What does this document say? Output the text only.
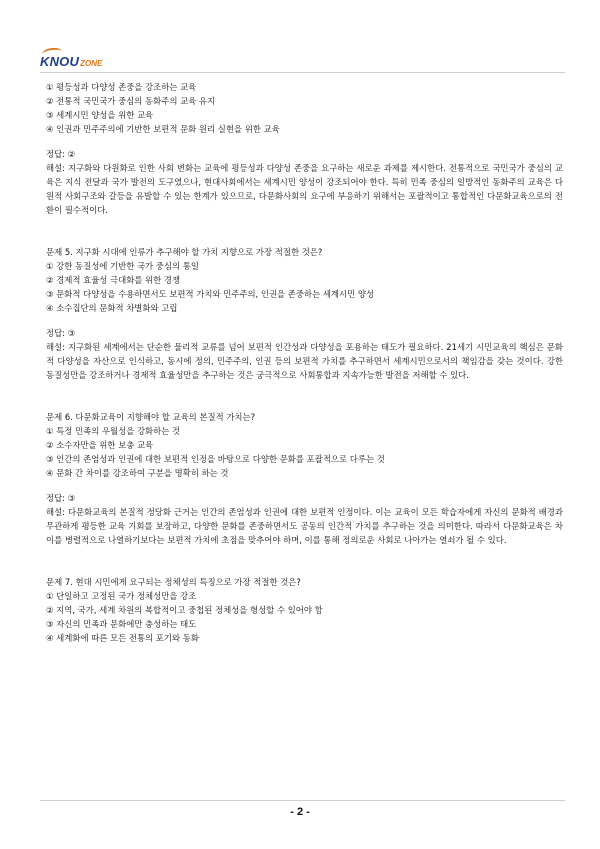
KNOU ZONE
① 평등성과 다양성 존중을 강조하는 교육
② 전통적 국민국가 중심의 동화주의 교육 유지
③ 세계시민 양성을 위한 교육
④ 인권과 민주주의에 기반한 보편적 문화 원리 실현을 위한 교육
정답: ②
해설: 지구화와 다원화로 인한 사회 변화는 교육에 평등성과 다양성 존중을 요구하는 새로운 과제를 제시한다. 전통적으로 국민국가 중심의 교육은 지식 전달과 국가 발전의 도구였으나, 현대사회에서는 세계시민 양성이 강조되어야 한다. 특히 민족 중심의 일방적인 동화주의 교육은 다원적 사회구조와 갈등을 유발할 수 있는 한계가 있으므로, 다문화사회의 요구에 부응하기 위해서는 포괄적이고 통합적인 다문화교육으로의 전환이 필수적이다.
문제 5. 지구화 시대에 인류가 추구해야 할 가치 지향으로 가장 적절한 것은?
① 강한 동질성에 기반한 국가 중심의 통일
② 경제적 효율성 극대화를 위한 경쟁
③ 문화적 다양성을 수용하면서도 보편적 가치와 민주주의, 인권을 존중하는 세계시민 양성
④ 소수집단의 문화적 차별화와 고립
정답: ③
해설: 지구화된 세계에서는 단순한 물리적 교류를 넘어 보편적 인간성과 다양성을 포용하는 태도가 필요하다. 21세기 시민교육의 핵심은 문화적 다양성을 자산으로 인식하고, 동시에 정의, 민주주의, 인권 등의 보편적 가치를 추구하면서 세계시민으로서의 책임감을 갖는 것이다. 강한 동질성만을 강조하거나 경제적 효율성만을 추구하는 것은 궁극적으로 사회통합과 지속가능한 발전을 저해할 수 있다.
문제 6. 다문화교육이 지향해야 할 교육의 본질적 가치는?
① 특정 민족의 우월성을 강화하는 것
② 소수자만을 위한 보충 교육
③ 인간의 존엄성과 인권에 대한 보편적 인정을 바탕으로 다양한 문화를 포괄적으로 다루는 것
④ 문화 간 차이를 강조하여 구분을 명확히 하는 것
정답: ③
해설: 다문화교육의 본질적 정당화 근거는 인간의 존엄성과 인권에 대한 보편적 인정이다. 이는 교육이 모든 학습자에게 자신의 문화적 배경과 무관하게 평등한 교육 기회를 보장하고, 다양한 문화를 존중하면서도 공동의 인간적 가치를 추구하는 것을 의미한다. 따라서 다문화교육은 차이를 병렬적으로 나열하기보다는 보편적 가치에 초점을 맞추어야 하며, 이를 통해 정의로운 사회로 나아가는 열쇠가 될 수 있다.
문제 7. 현대 시민에게 요구되는 정체성의 특징으로 가장 적절한 것은?
① 단일하고 고정된 국가 정체성만을 강조
② 지역, 국가, 세계 차원의 복합적이고 중첩된 정체성을 형성할 수 있어야 함
③ 자신의 민족과 문화에만 충성하는 태도
④ 세계화에 따른 모든 전통의 포기와 동화
- 2 -
